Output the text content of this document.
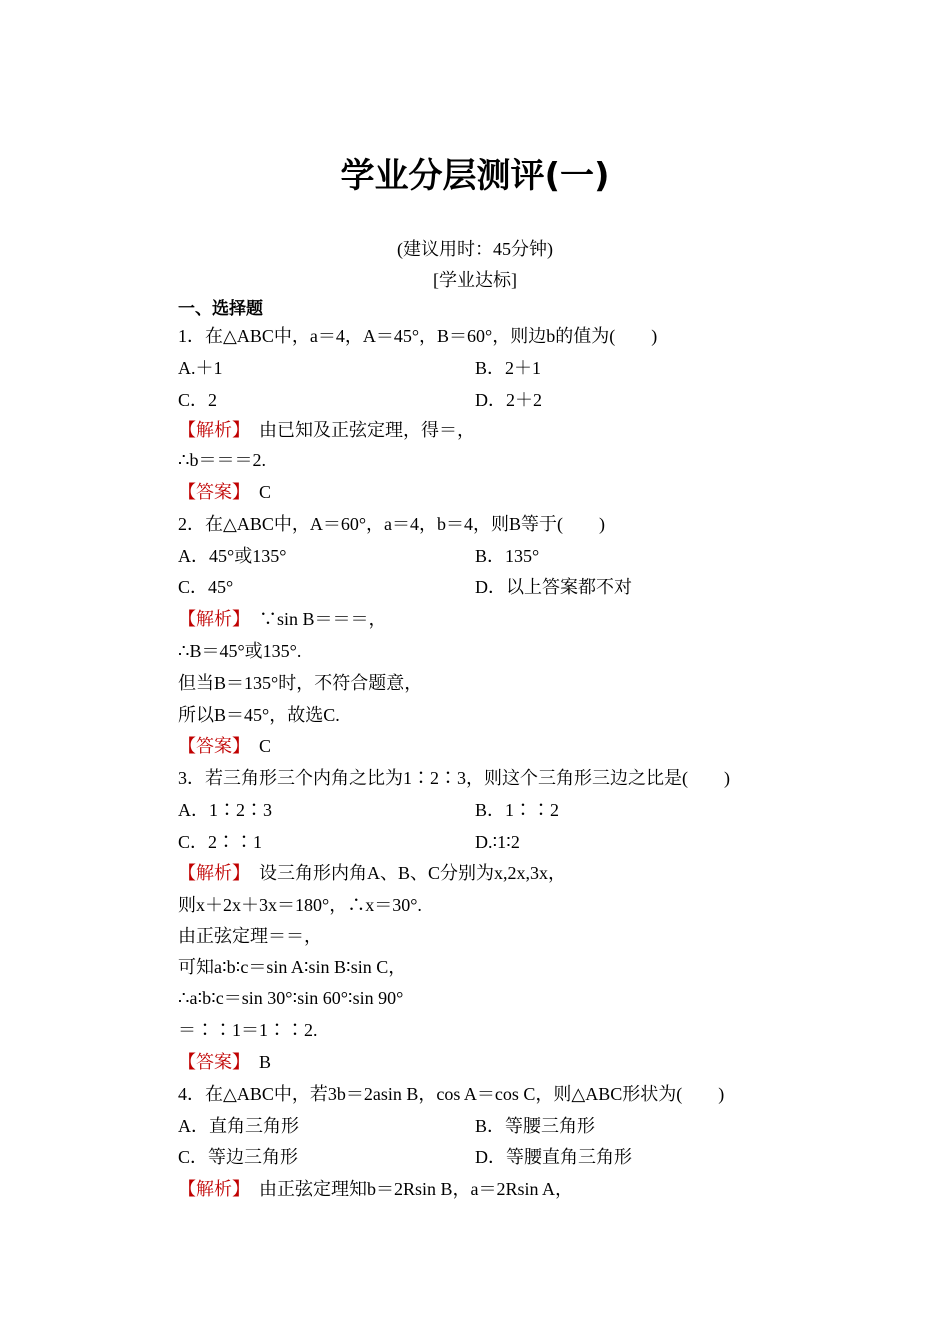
学业分层测评(一)
(建议用时：45分钟)
[学业达标]
一、选择题
1．在△ABC中，a＝4，A＝45°，B＝60°，则边b的值为(　　)
A.＋1	B．2＋1
C．2	D．2＋2
【解析】　由已知及正弦定理，得＝，
∴b＝＝＝2.
【答案】　C
2．在△ABC中，A＝60°，a＝4，b＝4，则B等于(　　)
A．45°或135°	B．135°
C．45°	D．以上答案都不对
【解析】　∵sin B＝＝＝，
∴B＝45°或135°.
但当B＝135°时，不符合题意，
所以B＝45°，故选C.
【答案】　C
3．若三角形三个内角之比为1∶2∶3，则这个三角形三边之比是(　　)
A．1∶2∶3	B．1∶∶2
C．2∶∶1	D.∶1∶2
【解析】　设三角形内角A、B、C分别为x,2x,3x，
则x＋2x＋3x＝180°，∴x＝30°.
由正弦定理＝＝，
可知a∶b∶c＝sin A∶sin B∶sin C，
∴a∶b∶c＝sin 30°∶sin 60°∶sin 90°
＝∶∶1＝1∶∶2.
【答案】　B
4．在△ABC中，若3b＝2asin B，cos A＝cos C，则△ABC形状为(　　)
A．直角三角形	B．等腰三角形
C．等边三角形	D．等腰直角三角形
【解析】　由正弦定理知b＝2Rsin B，a＝2Rsin A，
